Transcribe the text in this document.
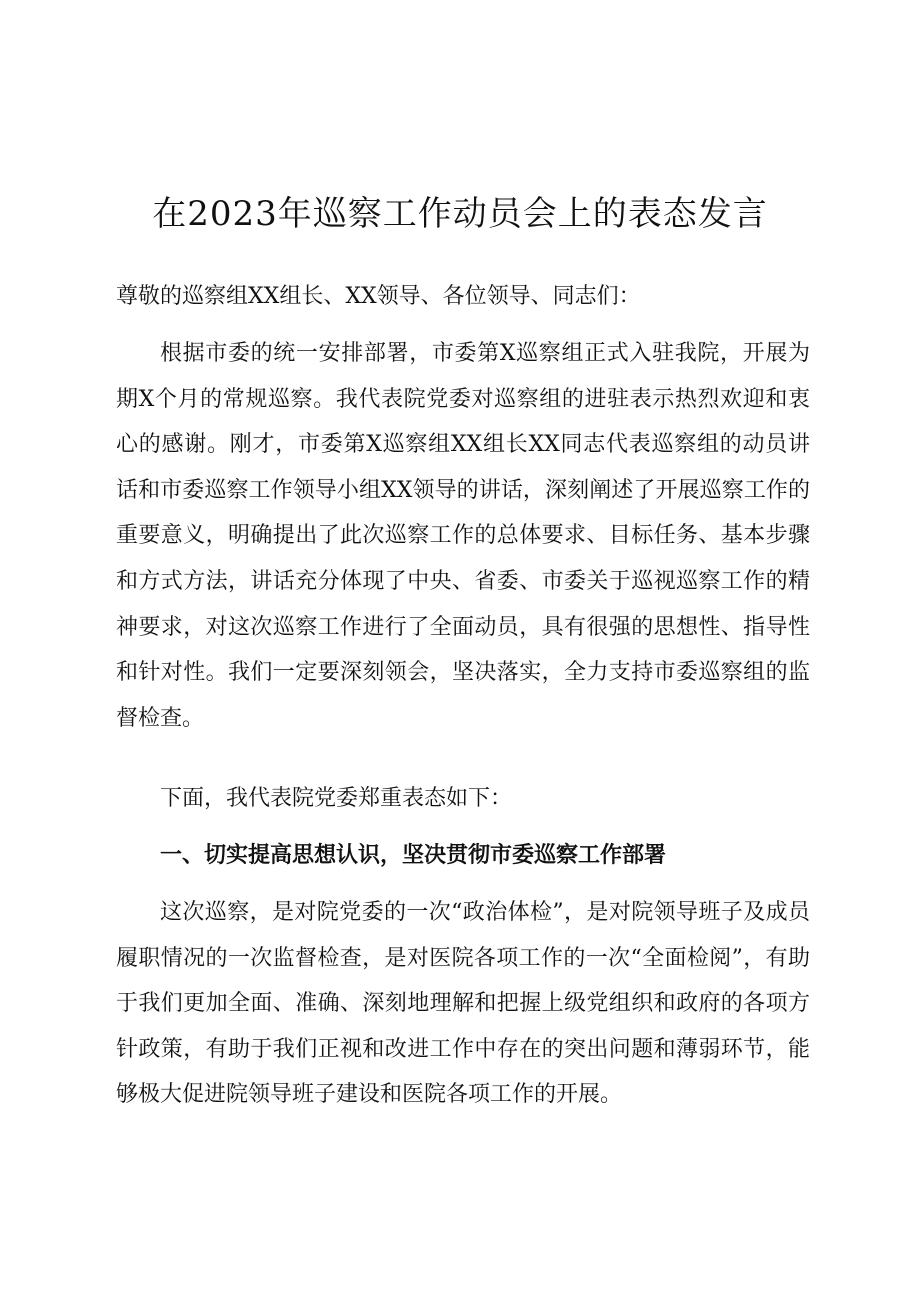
在2023年巡察工作动员会上的表态发言

尊敬的巡察组XX组长、XX领导、各位领导、同志们：

根据市委的统一安排部署，市委第X巡察组正式入驻我院，开展为期X个月的常规巡察。我代表院党委对巡察组的进驻表示热烈欢迎和衷心的感谢。刚才，市委第X巡察组XX组长XX同志代表巡察组的动员讲话和市委巡察工作领导小组XX领导的讲话，深刻阐述了开展巡察工作的重要意义，明确提出了此次巡察工作的总体要求、目标任务、基本步骤和方式方法，讲话充分体现了中央、省委、市委关于巡视巡察工作的精神要求，对这次巡察工作进行了全面动员，具有很强的思想性、指导性和针对性。我们一定要深刻领会，坚决落实，全力支持市委巡察组的监督检查。

下面，我代表院党委郑重表态如下：

一、切实提高思想认识，坚决贯彻市委巡察工作部署

这次巡察，是对院党委的一次“政治体检”，是对院领导班子及成员履职情况的一次监督检查，是对医院各项工作的一次“全面检阅”，有助于我们更加全面、准确、深刻地理解和把握上级党组织和政府的各项方针政策，有助于我们正视和改进工作中存在的突出问题和薄弱环节，能够极大促进院领导班子建设和医院各项工作的开展。
